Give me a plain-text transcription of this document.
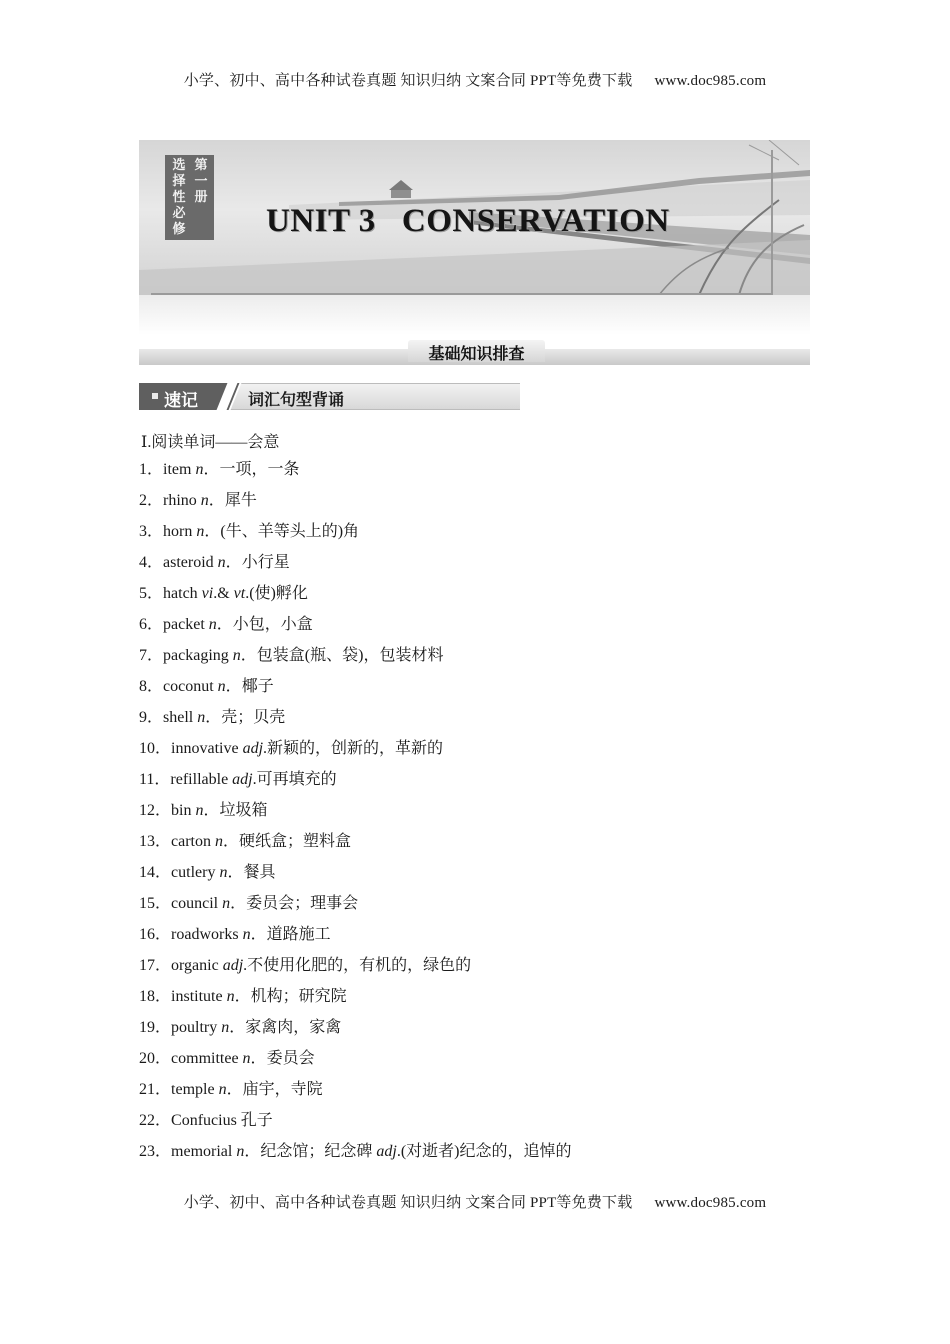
小学、初中、高中各种试卷真题 知识归纳 文案合同 PPT等免费下载 www.doc985.com
选
择
性
必
修
第
一
册
UNIT 3   CONSERVATION
基础知识排查
速记	词汇句型背诵
Ⅰ.阅读单词——会意
1．item n．一项，一条
2．rhino n．犀牛
3．horn n．(牛、羊等头上的)角
4．asteroid n．小行星
5．hatch vi.& vt.(使)孵化
6．packet n．小包，小盒
7．packaging n．包装盒(瓶、袋)，包装材料
8．coconut n．椰子
9．shell n．壳；贝壳
10．innovative adj.新颖的，创新的，革新的
11．refillable adj.可再填充的
12．bin n．垃圾箱
13．carton n．硬纸盒；塑料盒
14．cutlery n．餐具
15．council n．委员会；理事会
16．roadworks n．道路施工
17．organic adj.不使用化肥的，有机的，绿色的
18．institute n．机构；研究院
19．poultry n．家禽肉，家禽
20．committee n．委员会
21．temple n．庙宇，寺院
22．Confucius 孔子
23．memorial n．纪念馆；纪念碑 adj.(对逝者)纪念的，追悼的
小学、初中、高中各种试卷真题 知识归纳 文案合同 PPT等免费下载 www.doc985.com
